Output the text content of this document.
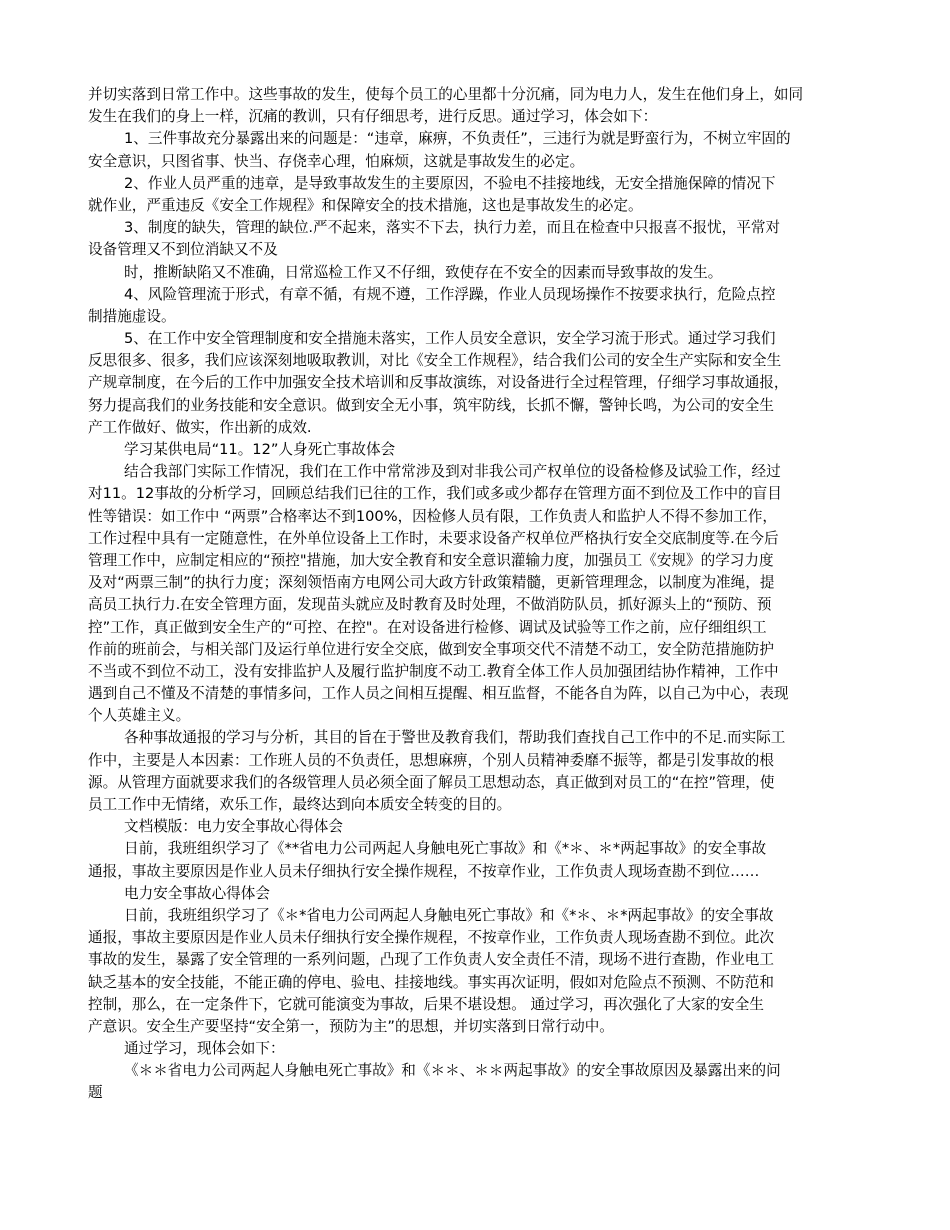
并切实落到日常工作中。这些事故的发生，使每个员工的心里都十分沉痛，同为电力人，发生在他们身上，如同
发生在我们的身上一样，沉痛的教训，只有仔细思考，进行反思。通过学习，体会如下：
1、三件事故充分暴露出来的问题是：“违章，麻痹，不负责任”，三违行为就是野蛮行为，不树立牢固的
安全意识，只图省事、快当、存侥幸心理，怕麻烦，这就是事故发生的必定。
2、作业人员严重的违章，是导致事故发生的主要原因，不验电不挂接地线，无安全措施保障的情况下
就作业，严重违反《安全工作规程》和保障安全的技术措施，这也是事故发生的必定。
3、制度的缺失，管理的缺位.严不起来，落实不下去，执行力差，而且在检查中只报喜不报忧，平常对
设备管理又不到位消缺又不及
时，推断缺陷又不准确，日常巡检工作又不仔细，致使存在不安全的因素而导致事故的发生。
4、风险管理流于形式，有章不循，有规不遵，工作浮躁，作业人员现场操作不按要求执行，危险点控
制措施虚设。
5、在工作中安全管理制度和安全措施未落实，工作人员安全意识，安全学习流于形式。通过学习我们
反思很多、很多，我们应该深刻地吸取教训，对比《安全工作规程》，结合我们公司的安全生产实际和安全生
产规章制度，在今后的工作中加强安全技术培训和反事故演练，对设备进行全过程管理，仔细学习事故通报，
努力提高我们的业务技能和安全意识。做到安全无小事，筑牢防线，长抓不懈，警钟长鸣，为公司的安全生
产工作做好、做实，作出新的成效.
学习某供电局“11。12”人身死亡事故体会
结合我部门实际工作情况，我们在工作中常常涉及到对非我公司产权单位的设备检修及试验工作，经过
对11。12事故的分析学习，回顾总结我们已往的工作，我们或多或少都存在管理方面不到位及工作中的盲目
性等错误：如工作中 “两票”合格率达不到100%，因检修人员有限，工作负责人和监护人不得不参加工作，
工作过程中具有一定随意性，在外单位设备上工作时，未要求设备产权单位严格执行安全交底制度等.在今后
管理工作中，应制定相应的“预控"措施，加大安全教育和安全意识灌输力度，加强员工《安规》的学习力度
及对“两票三制”的执行力度；深刻领悟南方电网公司大政方针政策精髓，更新管理理念，以制度为准绳，提
高员工执行力.在安全管理方面，发现苗头就应及时教育及时处理，不做消防队员，抓好源头上的“预防、预
控”工作，真正做到安全生产的“可控、在控"。在对设备进行检修、调试及试验等工作之前，应仔细组织工
作前的班前会，与相关部门及运行单位进行安全交底，做到安全事项交代不清楚不动工，安全防范措施防护
不当或不到位不动工，没有安排监护人及履行监护制度不动工.教育全体工作人员加强团结协作精神，工作中
遇到自己不懂及不清楚的事情多问，工作人员之间相互提醒、相互监督，不能各自为阵，以自己为中心，表现
个人英雄主义。
各种事故通报的学习与分析，其目的旨在于警世及教育我们，帮助我们查找自己工作中的不足.而实际工
作中，主要是人本因素：工作班人员的不负责任，思想麻痹，个别人员精神委靡不振等，都是引发事故的根
源。从管理方面就要求我们的各级管理人员必须全面了解员工思想动态，真正做到对员工的“在控”管理，使
员工工作中无情绪，欢乐工作，最终达到向本质安全转变的目的。
文档模版：电力安全事故心得体会
日前，我班组织学习了《**省电力公司两起人身触电死亡事故》和《*＊、＊*两起事故》的安全事故
通报，事故主要原因是作业人员未仔细执行安全操作规程，不按章作业，工作负责人现场查勘不到位……
电力安全事故心得体会
日前，我班组织学习了《＊*省电力公司两起人身触电死亡事故》和《*＊、＊*两起事故》的安全事故
通报，事故主要原因是作业人员未仔细执行安全操作规程，不按章作业，工作负责人现场查勘不到位。此次
事故的发生，暴露了安全管理的一系列问题，凸现了工作负责人安全责任不清，现场不进行查勘，作业电工
缺乏基本的安全技能，不能正确的停电、验电、挂接地线。事实再次证明，假如对危险点不预测、不防范和
控制，那么，在一定条件下，它就可能演变为事故，后果不堪设想。 通过学习，再次强化了大家的安全生
产意识。安全生产要坚持“安全第一，预防为主”的思想，并切实落到日常行动中。
通过学习，现体会如下：
《＊＊省电力公司两起人身触电死亡事故》和《＊＊、＊＊两起事故》的安全事故原因及暴露出来的问
题
